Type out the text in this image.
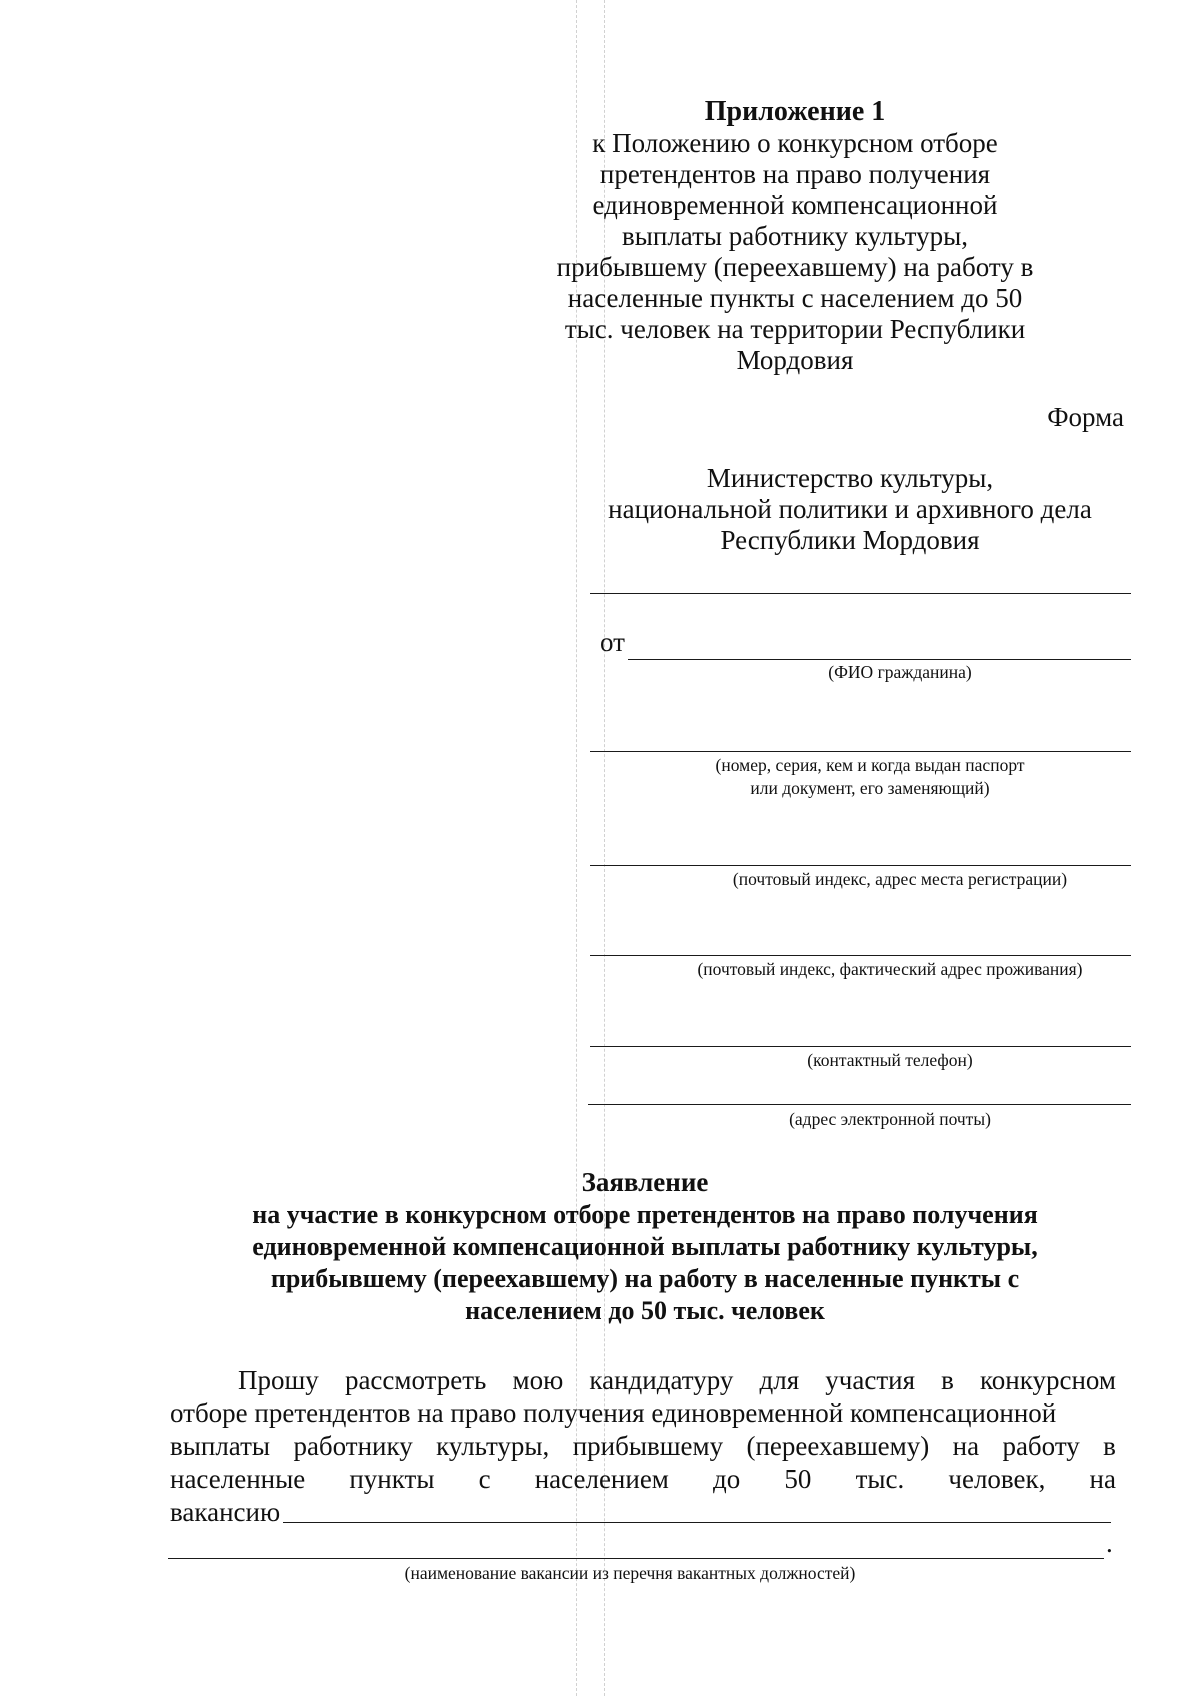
Приложение 1
к Положению о конкурсном отборе
претендентов на право получения
единовременной компенсационной
выплаты работнику культуры,
прибывшему (переехавшему) на работу в
населенные пункты с населением до 50
тыс. человек на территории Республики
Мордовия
Форма
Министерство культуры,
национальной политики и архивного дела
Республики Мордовия
от
(ФИО гражданина)
(номер, серия, кем и когда выдан паспорт
или документ, его заменяющий)
(почтовый индекс, адрес места регистрации)
(почтовый индекс, фактический адрес проживания)
(контактный телефон)
(адрес электронной почты)
Заявление
на участие в конкурсном отборе претендентов на право получения
единовременной компенсационной выплаты работнику культуры,
прибывшему (переехавшему) на работу в населенные пункты с
населением до 50 тыс. человек
Прошу рассмотреть мою кандидатуру для участия в конкурсном
отборе претендентов на право получения единовременной компенсационной
выплаты работнику культуры, прибывшему (переехавшему) на работу в
населенные пункты с населением до 50 тыс. человек, на
вакансию
.
(наименование вакансии из перечня вакантных должностей)
